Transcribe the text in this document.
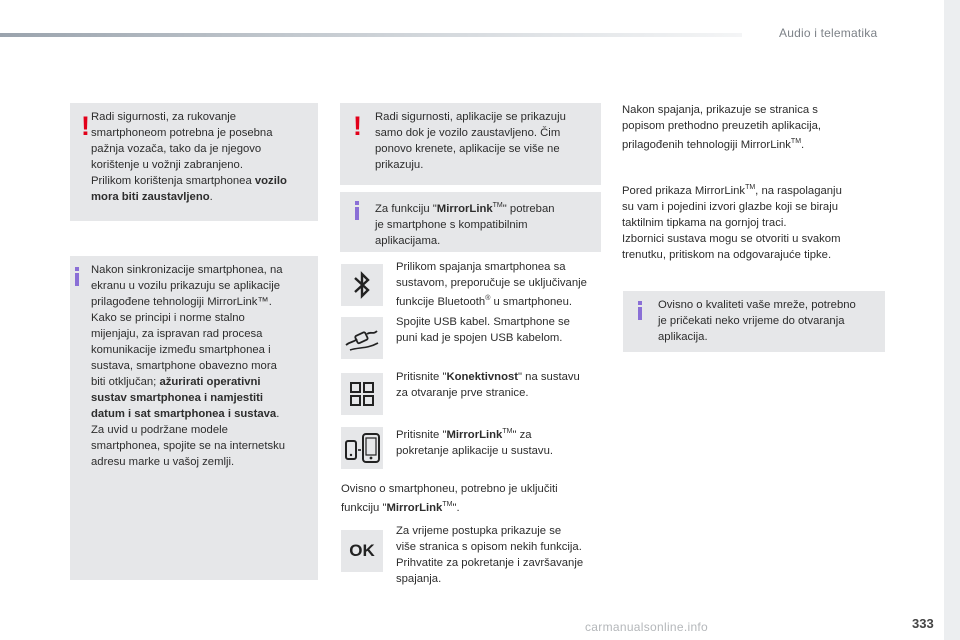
Audio i telematika
! Radi sigurnosti, za rukovanje
smartphoneom potrebna je posebna
pažnja vozača, tako da je njegovo
korištenje u vožnji zabranjeno.
Prilikom korištenja smartphonea vozilo
mora biti zaustavljeno.
Nakon sinkronizacije smartphonea, na
ekranu u vozilu prikazuju se aplikacije
prilagođene tehnologiji MirrorLink™.
Kako se principi i norme stalno
mijenjaju, za ispravan rad procesa
komunikacije između smartphonea i
sustava, smartphone obavezno mora
biti otključan; ažurirati operativni
sustav smartphonea i namjestiti
datum i sat smartphonea i sustava.
Za uvid u podržane modele
smartphonea, spojite se na internetsku
adresu marke u vašoj zemlji.
! Radi sigurnosti, aplikacije se prikazuju
samo dok je vozilo zaustavljeno. Čim
ponovo krenete, aplikacije se više ne
prikazuju.
Za funkciju "MirrorLink™" potreban
je smartphone s kompatibilnim
aplikacijama.
Prilikom spajanja smartphonea sa
sustavom, preporučuje se uključivanje
funkcije Bluetooth® u smartphoneu.
Spojite USB kabel. Smartphone se
puni kad je spojen USB kabelom.
Pritisnite "Konektivnost" na sustavu
za otvaranje prve stranice.
Pritisnite "MirrorLink™" za
pokretanje aplikacije u sustavu.
Ovisno o smartphoneu, potrebno je uključiti
funkciju "MirrorLink™".
OK
Za vrijeme postupka prikazuje se
više stranica s opisom nekih funkcija.
Prihvatite za pokretanje i završavanje
spajanja.
Nakon spajanja, prikazuje se stranica s
popisom prethodno preuzetih aplikacija,
prilagođenih tehnologiji MirrorLink™.
Pored prikaza MirrorLink™, na raspolaganju
su vam i pojedini izvori glazbe koji se biraju
taktilnim tipkama na gornjoj traci.
Izbornici sustava mogu se otvoriti u svakom
trenutku, pritiskom na odgovarajuće tipke.
Ovisno o kvaliteti vaše mreže, potrebno
je pričekati neko vrijeme do otvaranja
aplikacija.
carmanualsonline.info	333
